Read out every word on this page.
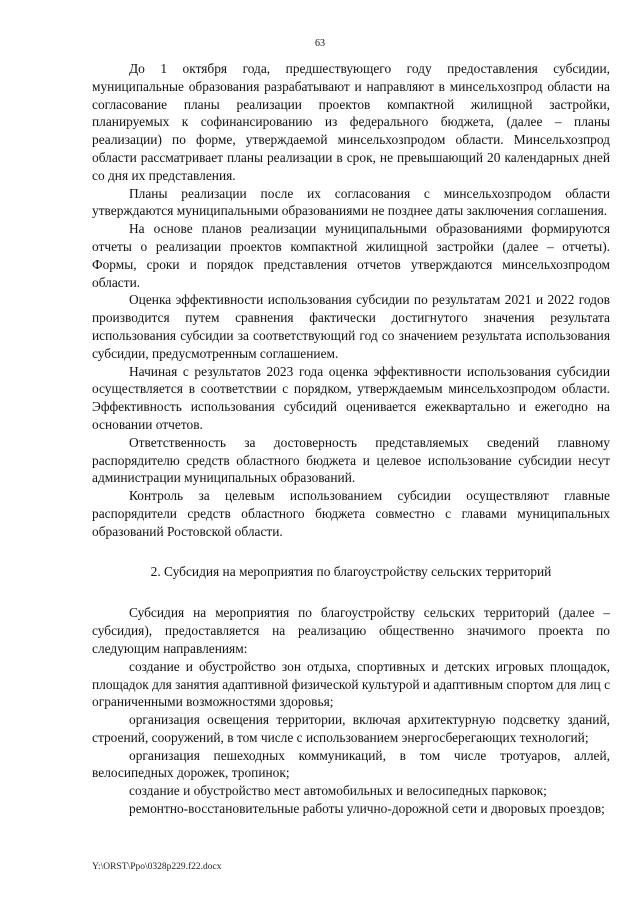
63

До 1 октября года, предшествующего году предоставления субсидии, муниципальные образования разрабатывают и направляют в минсельхозпрод области на согласование планы реализации проектов компактной жилищной застройки, планируемых к софинансированию из федерального бюджета, (далее – планы реализации) по форме, утверждаемой минсельхозпродом области. Минсельхозпрод области рассматривает планы реализации в срок, не превышающий 20 календарных дней со дня их представления.

Планы реализации после их согласования с минсельхозпродом области утверждаются муниципальными образованиями не позднее даты заключения соглашения.

На основе планов реализации муниципальными образованиями формируются отчеты о реализации проектов компактной жилищной застройки (далее – отчеты). Формы, сроки и порядок представления отчетов утверждаются минсельхозпродом области.

Оценка эффективности использования субсидии по результатам 2021 и 2022 годов производится путем сравнения фактически достигнутого значения результата использования субсидии за соответствующий год со значением результата использования субсидии, предусмотренным соглашением.

Начиная с результатов 2023 года оценка эффективности использования субсидии осуществляется в соответствии с порядком, утверждаемым минсельхозпродом области. Эффективность использования субсидий оценивается ежеквартально и ежегодно на основании отчетов.

Ответственность за достоверность представляемых сведений главному распорядителю средств областного бюджета и целевое использование субсидии несут администрации муниципальных образований.

Контроль за целевым использованием субсидии осуществляют главные распорядители средств областного бюджета совместно с главами муниципальных образований Ростовской области.

2. Субсидия на мероприятия по благоустройству сельских территорий

Субсидия на мероприятия по благоустройству сельских территорий (далее – субсидия), предоставляется на реализацию общественно значимого проекта по следующим направлениям:

создание и обустройство зон отдыха, спортивных и детских игровых площадок, площадок для занятия адаптивной физической культурой и адаптивным спортом для лиц с ограниченными возможностями здоровья;

организация освещения территории, включая архитектурную подсветку зданий, строений, сооружений, в том числе с использованием энергосберегающих технологий;

организация пешеходных коммуникаций, в том числе тротуаров, аллей, велосипедных дорожек, тропинок;

создание и обустройство мест автомобильных и велосипедных парковок;

ремонтно-восстановительные работы улично-дорожной сети и дворовых проездов;

Y:\ORST\Ppo\0328p229.f22.docx
